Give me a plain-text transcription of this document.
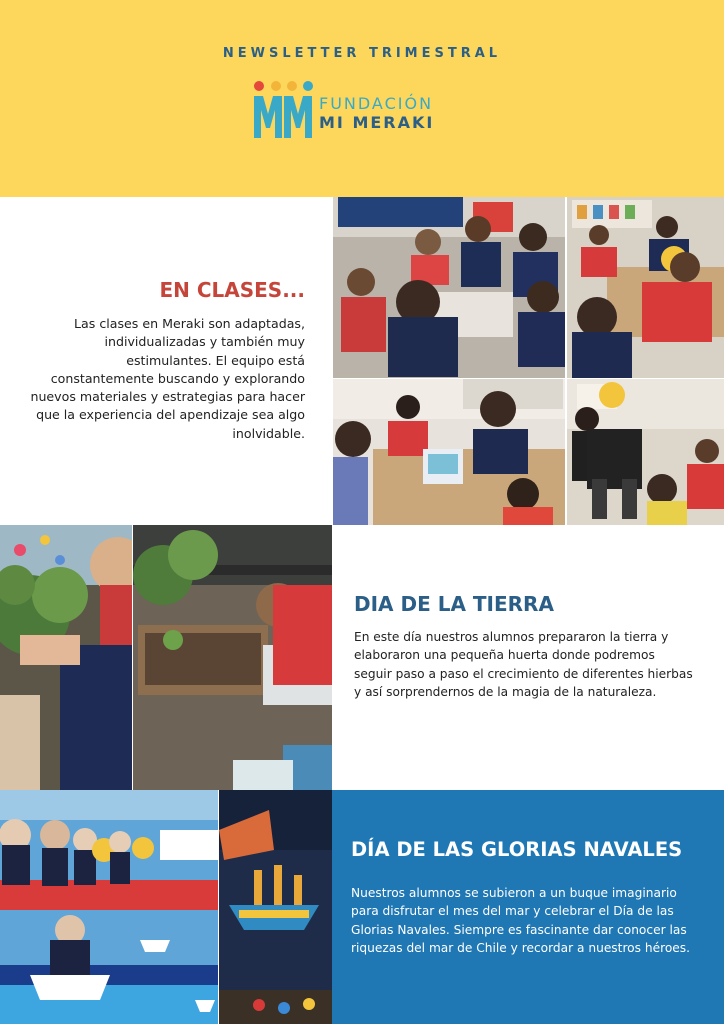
NEWSLETTER TRIMESTRAL
FUNDACIÓN
MI MERAKI
EN CLASES...
Las clases en Meraki son adaptadas, individualizadas y también muy estimulantes. El equipo está constantemente buscando y explorando nuevos materiales y estrategias para hacer que la experiencia del apendizaje sea algo inolvidable.
DIA DE LA TIERRA
En este día nuestros alumnos prepararon la tierra y elaboraron una pequeña huerta donde podremos seguir paso a paso el crecimiento de diferentes hierbas y así sorprendernos de la magia de la naturaleza.
DÍA DE LAS GLORIAS NAVALES
Nuestros alumnos se subieron a un buque imaginario para disfrutar el mes del mar y celebrar el Día de las Glorias Navales. Siempre es fascinante dar conocer las riquezas del mar de Chile y recordar a nuestros héroes.
